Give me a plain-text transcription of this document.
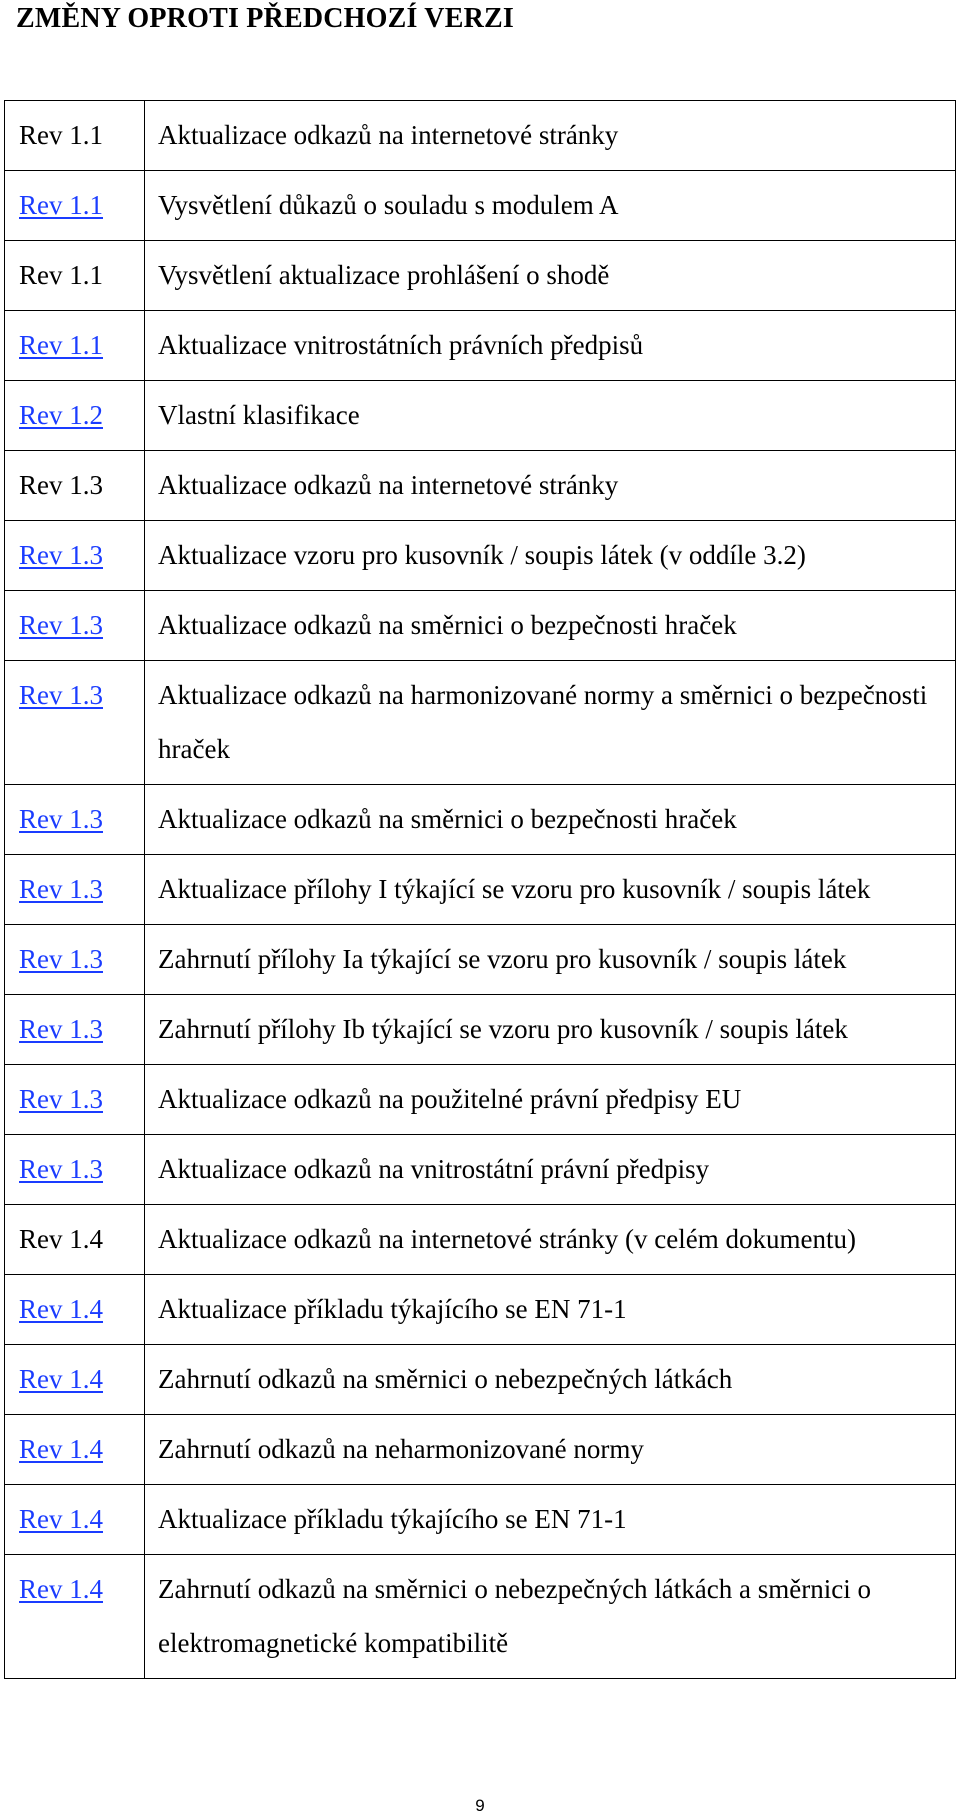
ZMĚNY OPROTI PŘEDCHOZÍ VERZI
Rev 1.1	Aktualizace odkazů na internetové stránky
Rev 1.1	Vysvětlení důkazů o souladu s modulem A
Rev 1.1	Vysvětlení aktualizace prohlášení o shodě
Rev 1.1	Aktualizace vnitrostátních právních předpisů
Rev 1.2	Vlastní klasifikace
Rev 1.3	Aktualizace odkazů na internetové stránky
Rev 1.3	Aktualizace vzoru pro kusovník / soupis látek (v oddíle 3.2)
Rev 1.3	Aktualizace odkazů na směrnici o bezpečnosti hraček
Rev 1.3	Aktualizace odkazů na harmonizované normy a směrnici o bezpečnosti hraček
Rev 1.3	Aktualizace odkazů na směrnici o bezpečnosti hraček
Rev 1.3	Aktualizace přílohy I týkající se vzoru pro kusovník / soupis látek
Rev 1.3	Zahrnutí přílohy Ia týkající se vzoru pro kusovník / soupis látek
Rev 1.3	Zahrnutí přílohy Ib týkající se vzoru pro kusovník / soupis látek
Rev 1.3	Aktualizace odkazů na použitelné právní předpisy EU
Rev 1.3	Aktualizace odkazů na vnitrostátní právní předpisy
Rev 1.4	Aktualizace odkazů na internetové stránky (v celém dokumentu)
Rev 1.4	Aktualizace příkladu týkajícího se EN 71-1
Rev 1.4	Zahrnutí odkazů na směrnici o nebezpečných látkách
Rev 1.4	Zahrnutí odkazů na neharmonizované normy
Rev 1.4	Aktualizace příkladu týkajícího se EN 71-1
Rev 1.4	Zahrnutí odkazů na směrnici o nebezpečných látkách a směrnici o elektromagnetické kompatibilitě
9
